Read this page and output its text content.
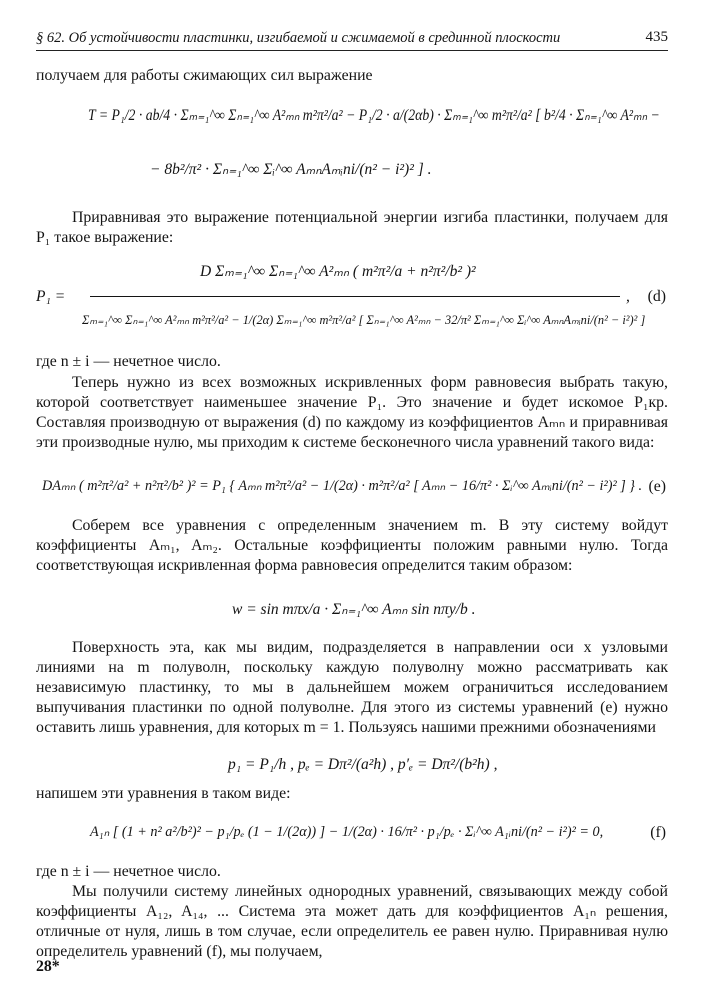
§ 62. Об устойчивости пластинки, изгибаемой и сжимаемой в срединной плоскости	435
получаем для работы сжимающих сил выражение
T = P₁/2 · ab/4 · Σₘ₌₁^∞ Σₙ₌₁^∞ A²ₘₙ m²π²/a² − P₁/2 · a/(2αb) · Σₘ₌₁^∞ m²π²/a² [ b²/4 · Σₙ₌₁^∞ A²ₘₙ −
− 8b²/π² · Σₙ₌₁^∞ Σᵢ^∞ AₘₙAₘᵢni/(n² − i²)² ] .
Приравнивая это выражение потенциальной энергии изгиба пластинки, получаем для P₁ такое выражение:
P₁ =
D Σₘ₌₁^∞ Σₙ₌₁^∞ A²ₘₙ ( m²π²/a + n²π²/b² )²
Σₘ₌₁^∞ Σₙ₌₁^∞ A²ₘₙ m²π²/a² − 1/(2α) Σₘ₌₁^∞ m²π²/a² [ Σₙ₌₁^∞ A²ₘₙ − 32/π² Σₘ₌₁^∞ Σᵢ^∞ AₘₙAₘᵢni/(n² − i²)² ]
, (d)
где n ± i — нечетное число.
Теперь нужно из всех возможных искривленных форм равновесия выбрать такую, которой соответствует наименьшее значение P₁. Это значение и будет искомое P₁кр. Составляя производную от выражения (d) по каждому из коэффициентов Aₘₙ и приравнивая эти производные нулю, мы приходим к системе бесконечного числа уравнений такого вида:
DAₘₙ ( m²π²/a² + n²π²/b² )² = P₁ { Aₘₙ m²π²/a² − 1/(2α) · m²π²/a² [ Aₘₙ − 16/π² · Σᵢ^∞ Aₘᵢni/(n² − i²)² ] } . (e)
Соберем все уравнения с определенным значением m. В эту систему войдут коэффициенты Aₘ₁, Aₘ₂. Остальные коэффициенты положим равными нулю. Тогда соответствующая искривленная форма равновесия определится таким образом:
w = sin mπx/a · Σₙ₌₁^∞ Aₘₙ sin nπy/b .
Поверхность эта, как мы видим, подразделяется в направлении оси x узловыми линиями на m полуволн, поскольку каждую полуволну можно рассматривать как независимую пластинку, то мы в дальнейшем можем ограничиться исследованием выпучивания пластинки по одной полуволне. Для этого из системы уравнений (e) нужно оставить лишь уравнения, для которых m = 1. Пользуясь нашими прежними обозначениями
p₁ = P₁/h , pₑ = Dπ²/(a²h) , p′ₑ = Dπ²/(b²h) ,
напишем эти уравнения в таком виде:
A₁ₙ [ (1 + n² a²/b²)² − p₁/pₑ (1 − 1/(2α)) ] − 1/(2α) · 16/π² · p₁/pₑ · Σᵢ^∞ A₁ᵢni/(n² − i²)² = 0,	(f)
где n ± i — нечетное число.
Мы получили систему линейных однородных уравнений, связывающих между собой коэффициенты A₁₂, A₁₄, ... Система эта может дать для коэффициентов A₁ₙ решения, отличные от нуля, лишь в том случае, если определитель ее равен нулю. Приравнивая нулю определитель уравнений (f), мы получаем,
28*
